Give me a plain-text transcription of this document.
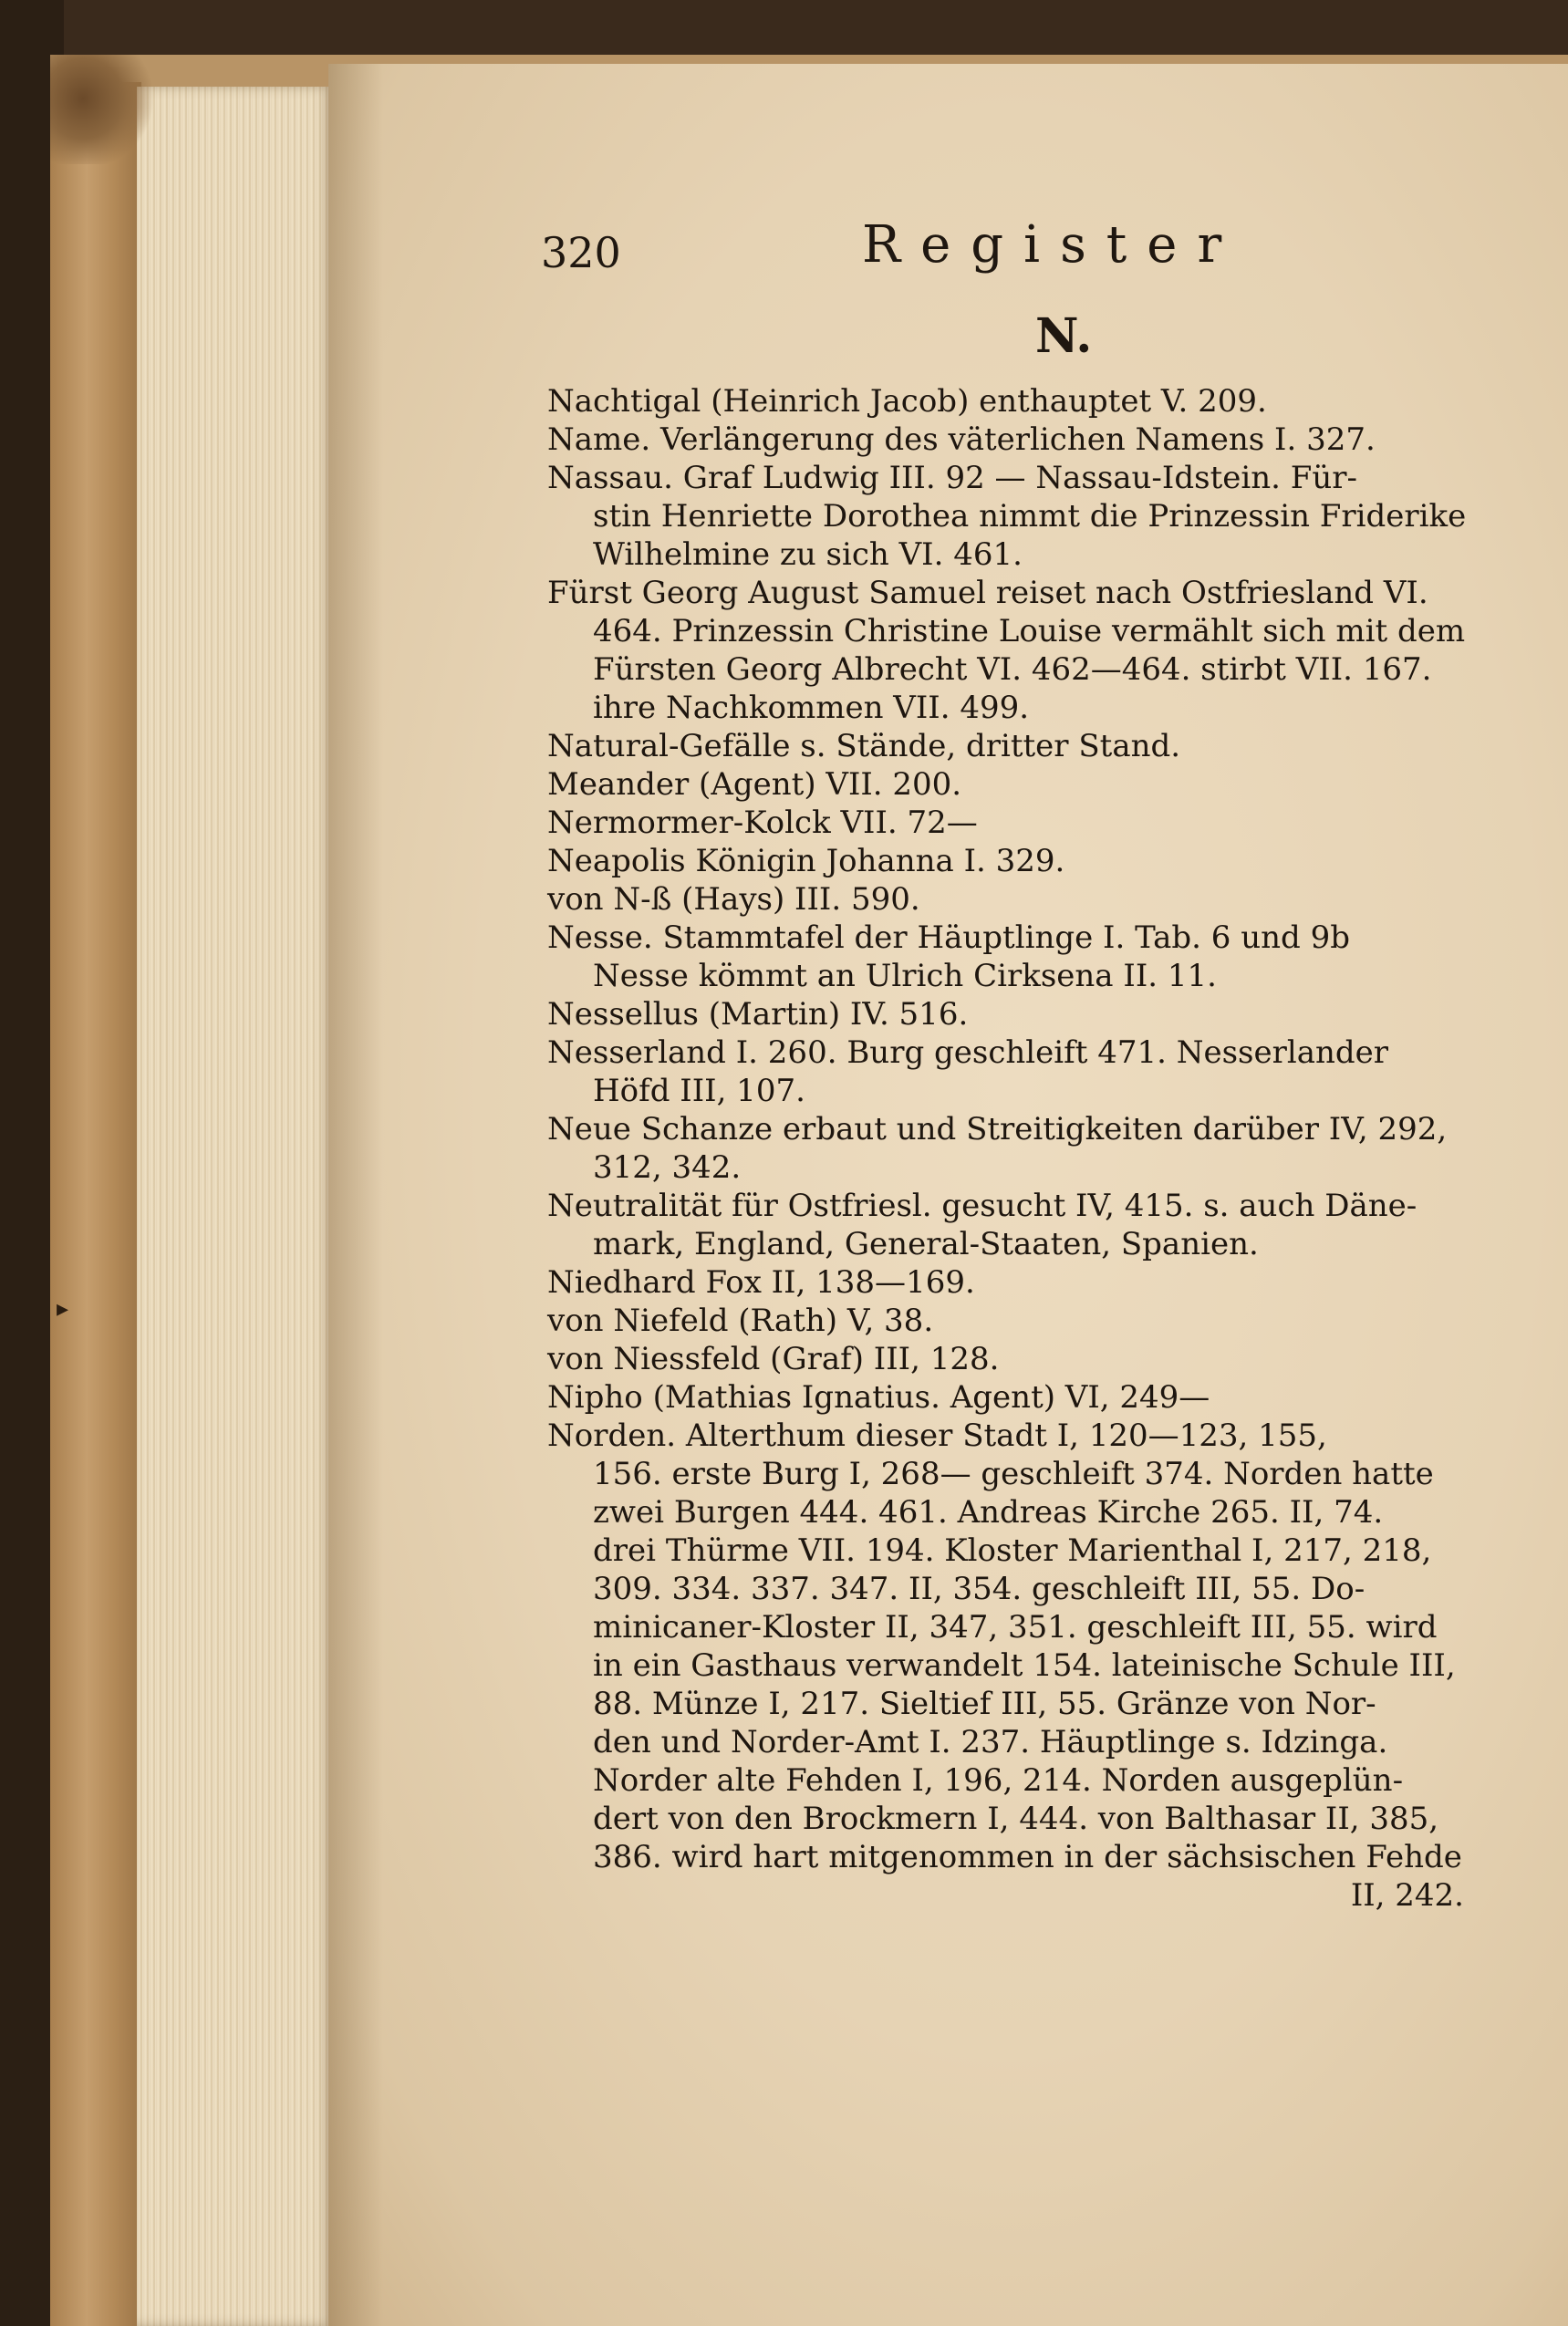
▸
320	Register
N.
Nachtigal (Heinrich Jacob) enthauptet V. 209.
Name. Verlängerung des väterlichen Namens I. 327.
Nassau. Graf Ludwig III. 92 — Nassau-Idstein. Für-
stin Henriette Dorothea nimmt die Prinzessin Friderike
Wilhelmine zu sich VI. 461.
Fürst Georg August Samuel reiset nach Ostfriesland VI.
464. Prinzessin Christine Louise vermählt sich mit dem
Fürsten Georg Albrecht VI. 462—464. stirbt VII. 167.
ihre Nachkommen VII. 499.
Natural-Gefälle s. Stände, dritter Stand.
Meander (Agent) VII. 200.
Nermormer-Kolck VII. 72—
Neapolis Königin Johanna I. 329.
von N-ß (Hays) III. 590.
Nesse. Stammtafel der Häuptlinge I. Tab. 6 und 9b
Nesse kömmt an Ulrich Cirksena II. 11.
Nessellus (Martin) IV. 516.
Nesserland I. 260. Burg geschleift 471. Nesserlander
Höfd III, 107.
Neue Schanze erbaut und Streitigkeiten darüber IV, 292,
312, 342.
Neutralität für Ostfriesl. gesucht IV, 415. s. auch Däne-
mark, England, General-Staaten, Spanien.
Niedhard Fox II, 138—169.
von Niefeld (Rath) V, 38.
von Niessfeld (Graf) III, 128.
Nipho (Mathias Ignatius. Agent) VI, 249—
Norden. Alterthum dieser Stadt I, 120—123, 155,
156. erste Burg I, 268— geschleift 374. Norden hatte
zwei Burgen 444. 461. Andreas Kirche 265. II, 74.
drei Thürme VII. 194. Kloster Marienthal I, 217, 218,
309. 334. 337. 347. II, 354. geschleift III, 55. Do-
minicaner-Kloster II, 347, 351. geschleift III, 55. wird
in ein Gasthaus verwandelt 154. lateinische Schule III,
88. Münze I, 217. Sieltief III, 55. Gränze von Nor-
den und Norder-Amt I. 237. Häuptlinge s. Idzinga.
Norder alte Fehden I, 196, 214. Norden ausgeplün-
dert von den Brockmern I, 444. von Balthasar II, 385,
386. wird hart mitgenommen in der sächsischen Fehde
II, 242.
